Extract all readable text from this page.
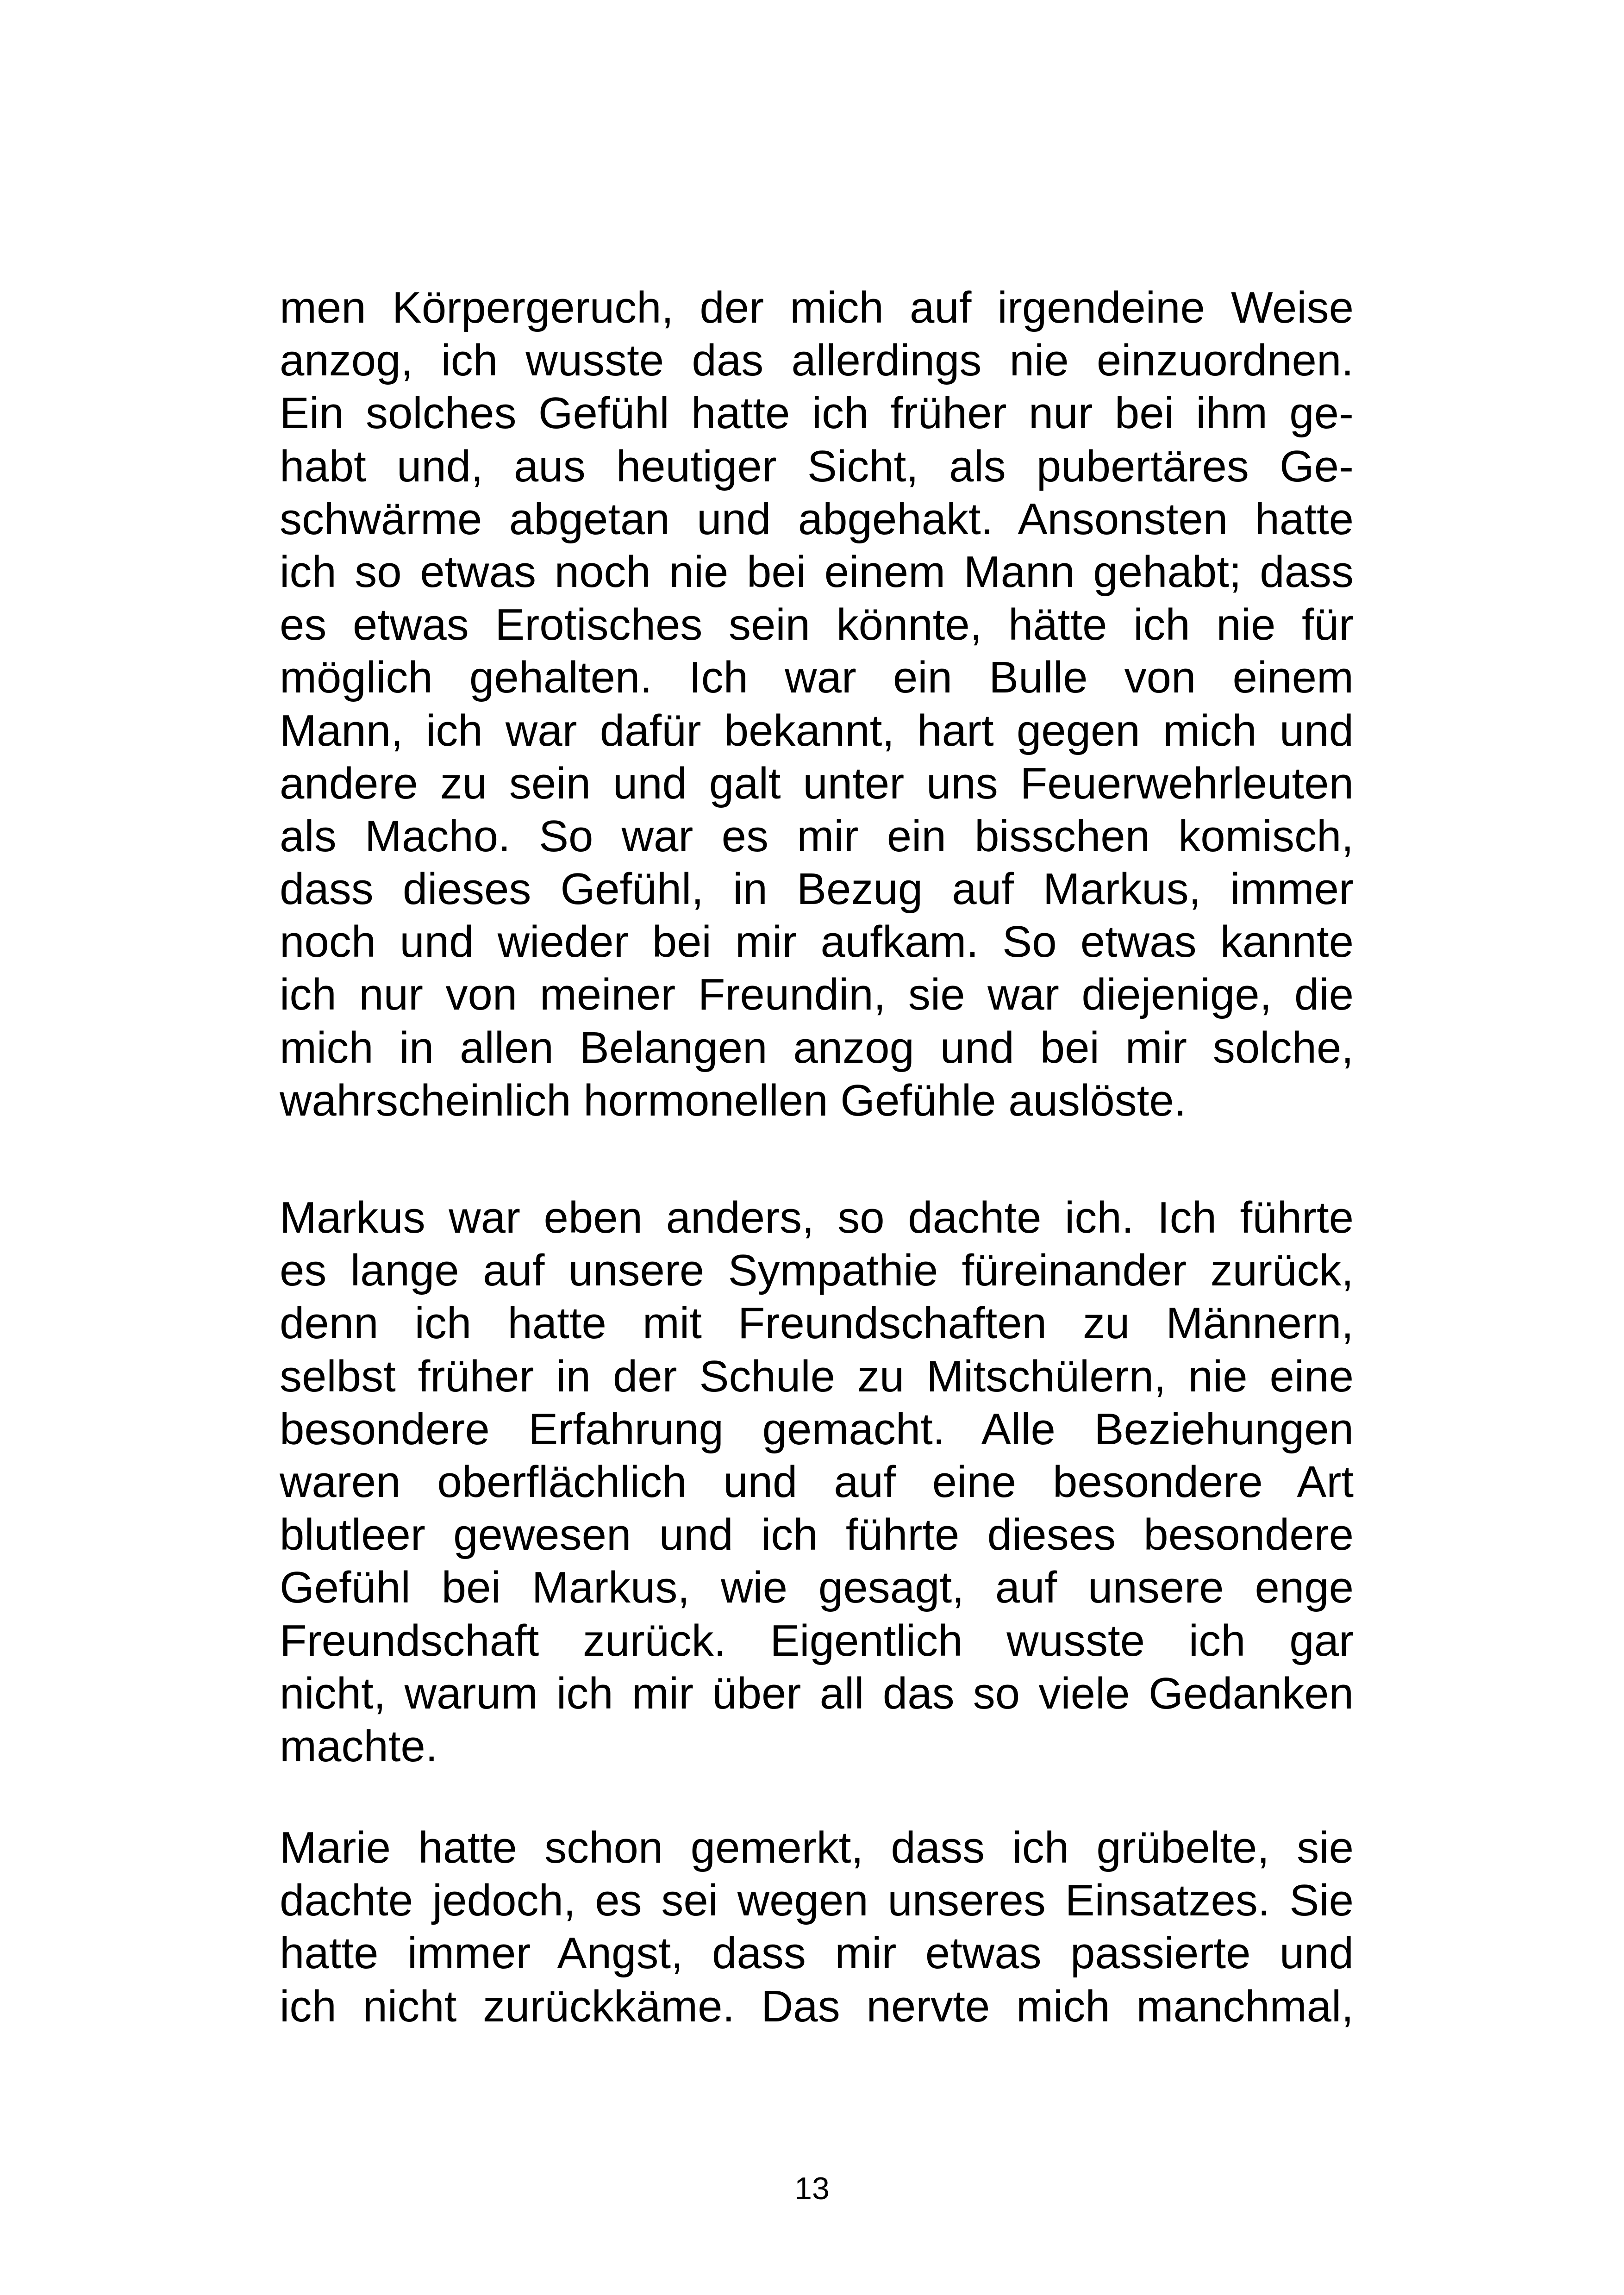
men Körpergeruch, der mich auf irgendeine Weise
anzog, ich wusste das allerdings nie einzuordnen.
Ein solches Gefühl hatte ich früher nur bei ihm ge-
habt und, aus heutiger Sicht, als pubertäres Ge-
schwärme abgetan und abgehakt. Ansonsten hatte
ich so etwas noch nie bei einem Mann gehabt; dass
es etwas Erotisches sein könnte, hätte ich nie für
möglich gehalten. Ich war ein Bulle von einem
Mann, ich war dafür bekannt, hart gegen mich und
andere zu sein und galt unter uns Feuerwehrleuten
als Macho. So war es mir ein bisschen komisch,
dass dieses Gefühl, in Bezug auf Markus, immer
noch und wieder bei mir aufkam. So etwas kannte
ich nur von meiner Freundin, sie war diejenige, die
mich in allen Belangen anzog und bei mir solche,
wahrscheinlich hormonellen Gefühle auslöste.
Markus war eben anders, so dachte ich. Ich führte
es lange auf unsere Sympathie füreinander zurück,
denn ich hatte mit Freundschaften zu Männern,
selbst früher in der Schule zu Mitschülern, nie eine
besondere Erfahrung gemacht. Alle Beziehungen
waren oberflächlich und auf eine besondere Art
blutleer gewesen und ich führte dieses besondere
Gefühl bei Markus, wie gesagt, auf unsere enge
Freundschaft zurück. Eigentlich wusste ich gar
nicht, warum ich mir über all das so viele Gedanken
machte.
Marie hatte schon gemerkt, dass ich grübelte, sie
dachte jedoch, es sei wegen unseres Einsatzes. Sie
hatte immer Angst, dass mir etwas passierte und
ich nicht zurückkäme. Das nervte mich manchmal,
13
